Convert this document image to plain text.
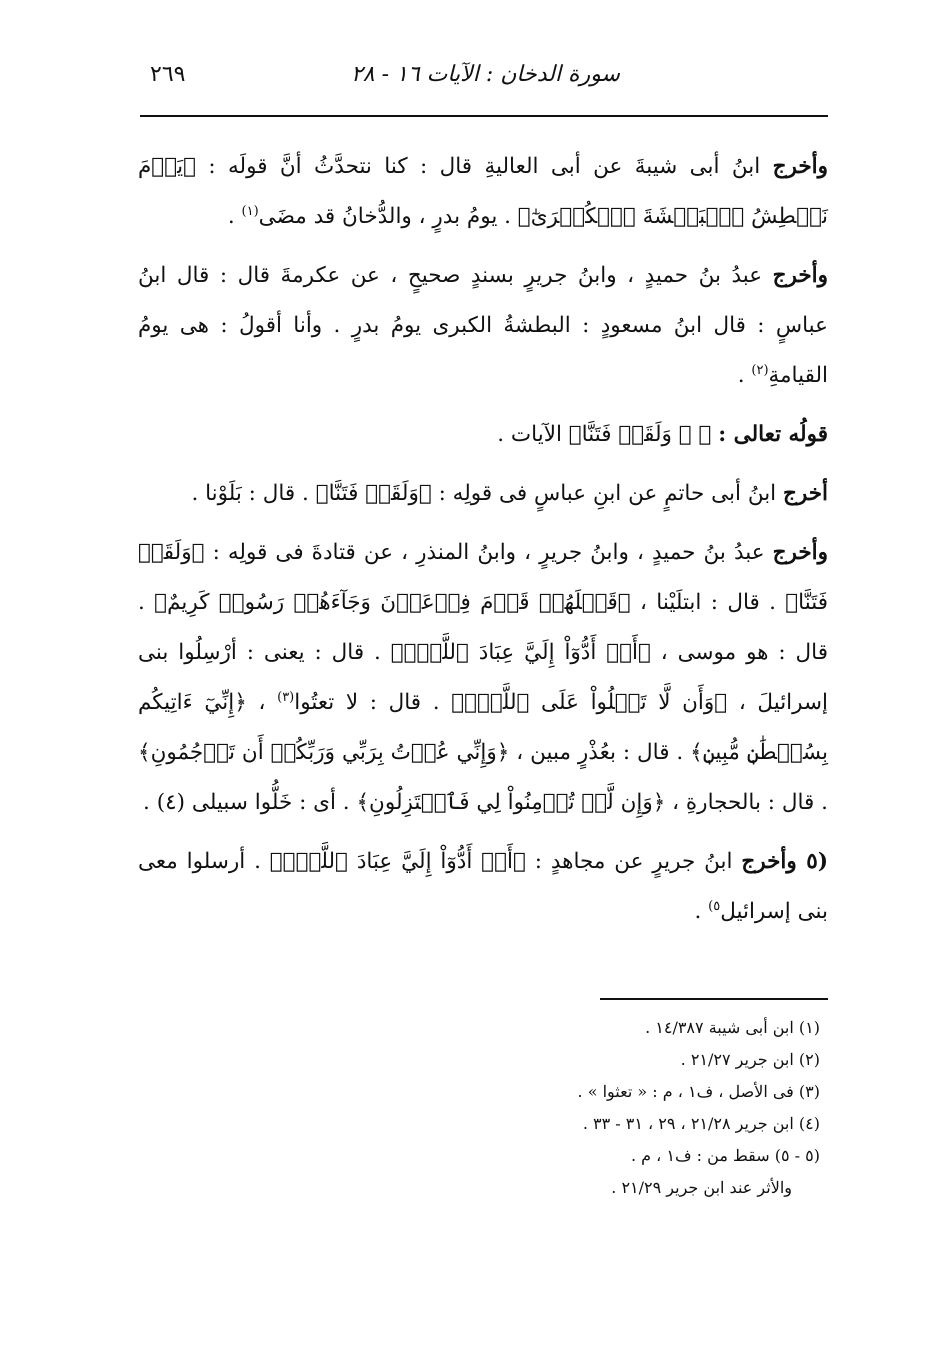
سورة الدخان : الآيات ١٦ - ٢٨
٢٦٩

وأخرج ابنُ أبى شيبةَ عن أبى العاليةِ قال : كنا نتحدَّثُ أنَّ قولَه : ﴿يَوۡمَ نَبۡطِشُ ٱلۡبَطۡشَةَ ٱلۡكُبۡرَىٰٓ﴾ . يومُ بدرٍ ، والدُّخانُ قد مضَى$^{(١)}$ .

وأخرج عبدُ بنُ حميدٍ ، وابنُ جريرٍ بسندٍ صحيحٍ ، عن عكرمةَ قال : قال ابنُ عباسٍ : قال ابنُ مسعودٍ : البطشةُ الكبرى يومُ بدرٍ . وأنا أقولُ : هى يومُ القيامةِ$^{(٢)}$ .

قولُه تعالى : ﴿ ۞ وَلَقَدۡ فَتَنَّا﴾ الآيات .

أخرج ابنُ أبى حاتمٍ عن ابنِ عباسٍ فى قولِه : ﴿وَلَقَدۡ فَتَنَّا﴾ . قال : بَلَوْنا .

وأخرج عبدُ بنُ حميدٍ ، وابنُ جريرٍ ، وابنُ المنذرِ ، عن قتادةَ فى قولِه : ﴿وَلَقَدۡ فَتَنَّا﴾ . قال : ابتلَيْنا ، ﴿قَبۡلَهُمۡ قَوۡمَ فِرۡعَوۡنَ وَجَآءَهُمۡ رَسُولٞ كَرِيمٌ﴾ . قال : هو موسى ، ﴿أَنۡ أَدُّوٓاْ إِلَيَّ عِبَادَ ٱللَّهِۖ﴾ . قال : يعنى : أرْسِلُوا بنى إسرائيلَ ، ﴿وَأَن لَّا تَعۡلُواْ عَلَى ٱللَّهِۖ﴾ . قال : لا تعتُوا$^{(٣)}$ ، ﴿إِنِّيٓ ءَاتِيكُم بِسُلۡطَٰنٖ مُّبِينٖ﴾ . قال : بعُذْرٍ مبين ، ﴿وَإِنِّي عُذۡتُ بِرَبِّي وَرَبِّكُمۡ أَن تَرۡجُمُونِ﴾ . قال : بالحجارةِ ، ﴿وَإِن لَّمۡ تُؤۡمِنُواْ لِي فَٱعۡتَزِلُونِ﴾ . أى : خَلُّوا سبيلى (٤) .

(٥ وأخرج ابنُ جريرٍ عن مجاهدٍ : ﴿أَنۡ أَدُّوٓاْ إِلَيَّ عِبَادَ ٱللَّهِۖ﴾ . أرسلوا معى بنى إسرائيل$^{٥)}$ .

(١) ابن أبى شيبة ١٤/٣٨٧ .
(٢) ابن جرير ٢١/٢٧ .
(٣) فى الأصل ، ف١ ، م : « تعثوا » .
(٤) ابن جرير ٢١/٢٨ ، ٢٩ ، ٣١ - ٣٣ .
(٥ - ٥) سقط من : ف١ ، م .
والأثر عند ابن جرير ٢١/٢٩ .
